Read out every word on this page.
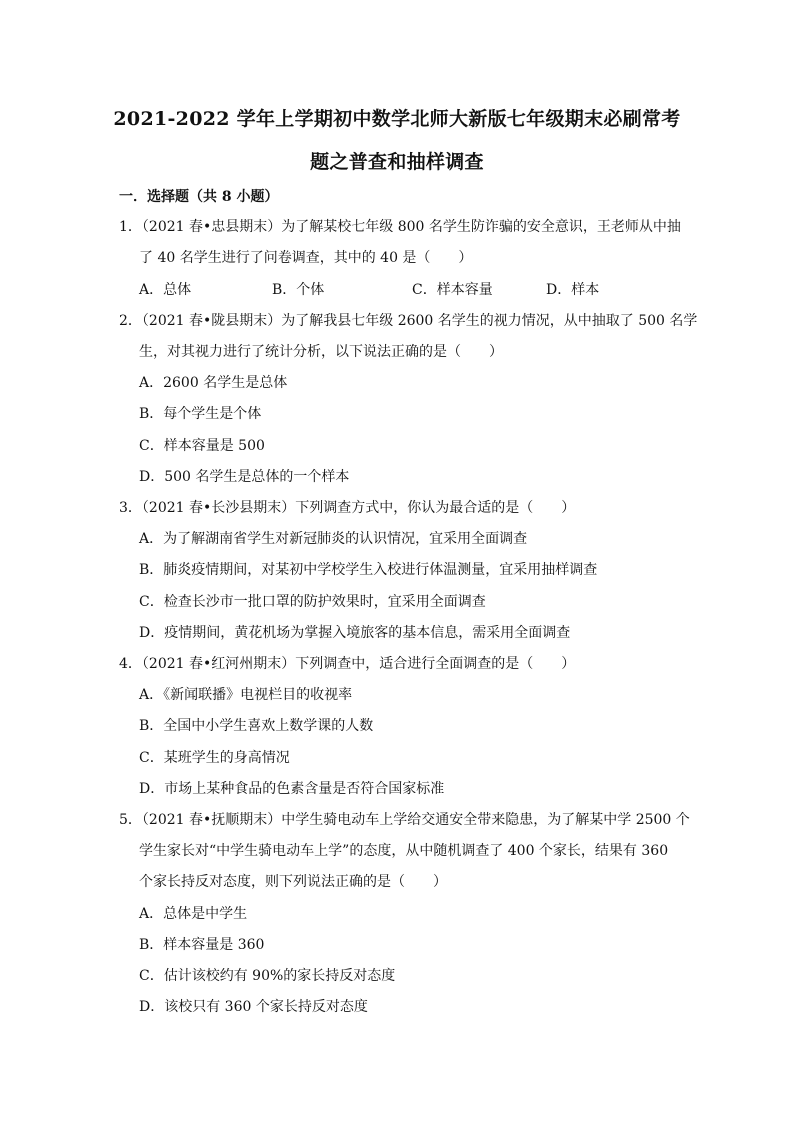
2021-2022 学年上学期初中数学北师大新版七年级期末必刷常考
题之普查和抽样调查
一．选择题（共 8 小题）
1．（2021 春•忠县期末）为了解某校七年级 800 名学生防诈骗的安全意识，王老师从中抽
了 40 名学生进行了问卷调查，其中的 40 是（　　）
A．总体	B．个体	C．样本容量	D．样本
2．（2021 春•陇县期末）为了解我县七年级 2600 名学生的视力情况，从中抽取了 500 名学
生，对其视力进行了统计分析，以下说法正确的是（　　）
A．2600 名学生是总体
B．每个学生是个体
C．样本容量是 500
D．500 名学生是总体的一个样本
3．（2021 春•长沙县期末）下列调查方式中，你认为最合适的是（　　）
A．为了解湖南省学生对新冠肺炎的认识情况，宜采用全面调查
B．肺炎疫情期间，对某初中学校学生入校进行体温测量，宜采用抽样调查
C．检查长沙市一批口罩的防护效果时，宜采用全面调查
D．疫情期间，黄花机场为掌握入境旅客的基本信息，需采用全面调查
4．（2021 春•红河州期末）下列调查中，适合进行全面调查的是（　　）
A．《新闻联播》电视栏目的收视率
B．全国中小学生喜欢上数学课的人数
C．某班学生的身高情况
D．市场上某种食品的色素含量是否符合国家标准
5．（2021 春•抚顺期末）中学生骑电动车上学给交通安全带来隐患，为了解某中学 2500 个
学生家长对“中学生骑电动车上学”的态度，从中随机调查了 400 个家长，结果有 360
个家长持反对态度，则下列说法正确的是（　　）
A．总体是中学生
B．样本容量是 360
C．估计该校约有 90%的家长持反对态度
D．该校只有 360 个家长持反对态度
